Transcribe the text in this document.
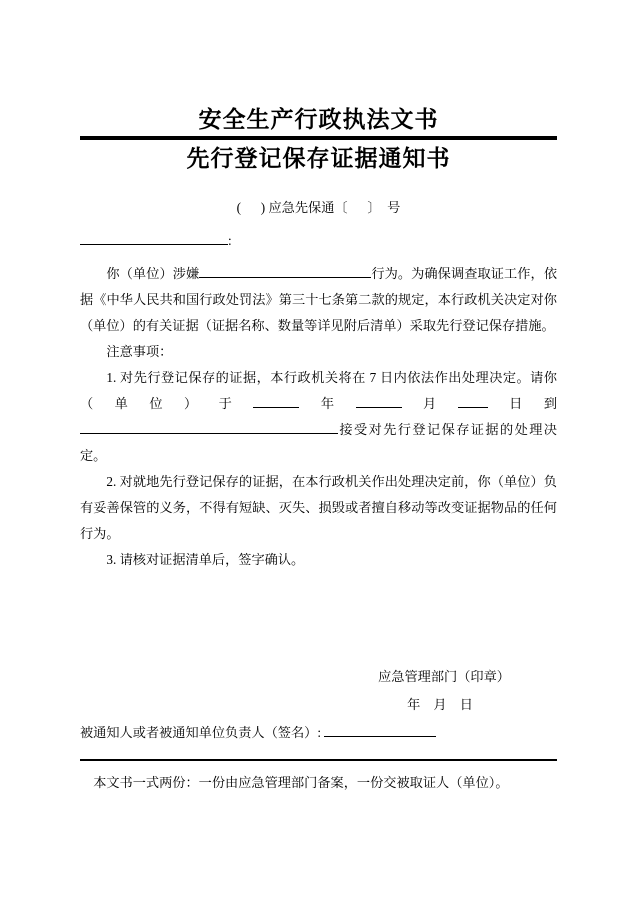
安全生产行政执法文书
先行登记保存证据通知书
(      ) 应急先保通〔      〕  号
:

你（单位）涉嫌	行为。为确保调查取证工作，依据《中华人民共和国行政处罚法》第三十七条第二款的规定，本行政机关决定对你（单位）的有关证据（证据名称、数量等详见附后清单）采取先行登记保存措施。

注意事项：

1. 对先行登记保存的证据，本行政机关将在 7 日内依法作出处理决定。请你（单位）于	年	月 日到接受对先行登记保存证据的处理决定。

2. 对就地先行登记保存的证据，在本行政机关作出处理决定前，你（单位）负有妥善保管的义务，不得有短缺、灭失、损毁或者擅自移动等改变证据物品的任何行为。

3. 请核对证据清单后，签字确认。

应急管理部门（印章）
年　月　日
被通知人或者被通知单位负责人（签名）:

本文书一式两份：一份由应急管理部门备案，一份交被取证人（单位）。
